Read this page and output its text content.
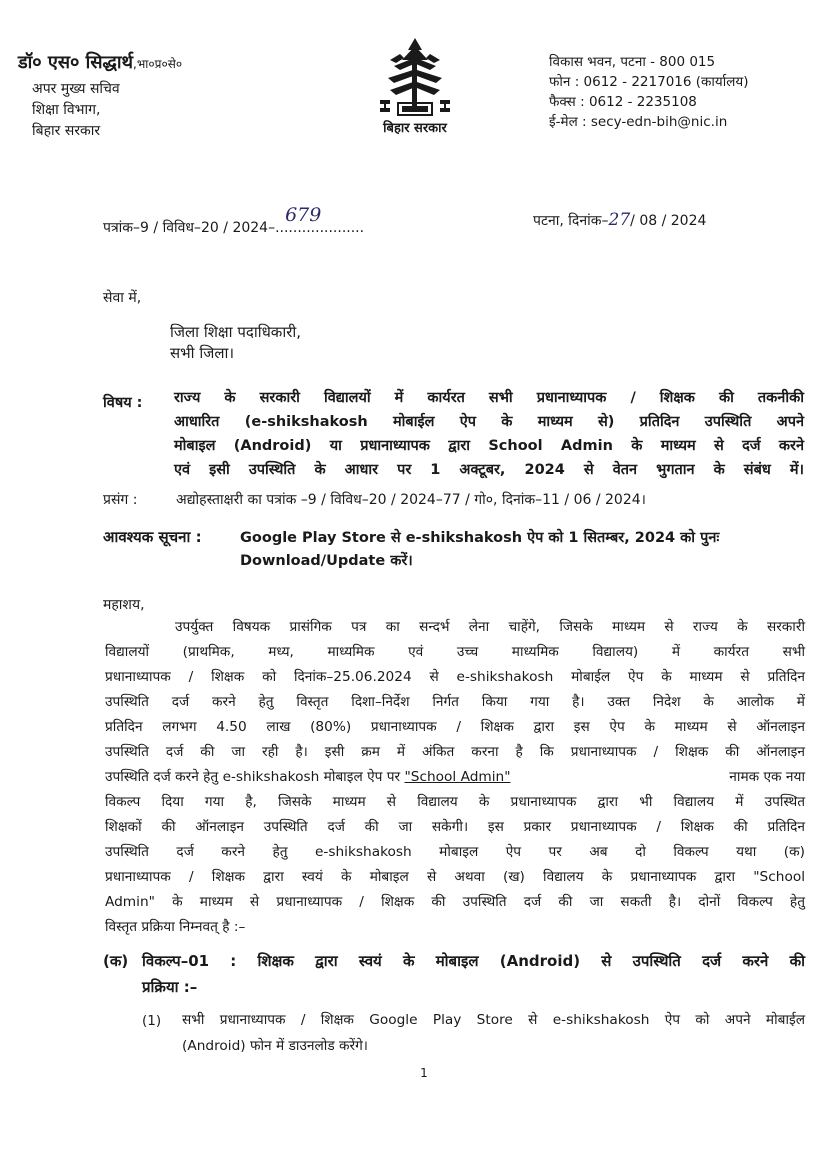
डॉ० एस० सिद्धार्थ,भा०प्र०से०
अपर मुख्य सचिव
शिक्षा विभाग,
बिहार सरकार	बिहार सरकार
विकास भवन, पटना - 800 015
फोन : 0612 - 2217016 (कार्यालय)
फैक्स : 0612 - 2235108
ई-मेल : secy-edn-bih@nic.in
पत्रांक–9 / विविध–20 / 2024–....................
679	पटना, दिनांक–27/ 08 / 2024
सेवा में,
जिला शिक्षा पदाधिकारी,
सभी जिला।
विषय : राज्य के सरकारी विद्यालयों में कार्यरत सभी प्रधानाध्यापक / शिक्षक की तकनीकी
आधारित (e-shikshakosh मोबाईल ऐप के माध्यम से) प्रतिदिन उपस्थिति अपने
मोबाइल (Android) या प्रधानाध्यापक द्वारा School Admin के माध्यम से दर्ज करने
एवं इसी उपस्थिति के आधार पर 1 अक्टूबर, 2024 से वेतन भुगतान के संबंध में।
प्रसंग :	अद्योहस्ताक्षरी का पत्रांक –9 / विविध–20 / 2024–77 / गो०, दिनांक–11 / 06 / 2024।
आवश्यक सूचना :	Google Play Store से e-shikshakosh ऐप को 1 सितम्बर, 2024 को पुनः
Download/Update करें।
महाशय,
उपर्युक्त विषयक प्रासंगिक पत्र का सन्दर्भ लेना चाहेंगे, जिसके माध्यम से राज्य के सरकारी
विद्यालयों (प्राथमिक, मध्य, माध्यमिक एवं उच्च माध्यमिक विद्यालय) में कार्यरत सभी
प्रधानाध्यापक / शिक्षक को दिनांक–25.06.2024 से e-shikshakosh मोबाईल ऐप के माध्यम से प्रतिदिन
उपस्थिति दर्ज करने हेतु विस्तृत दिशा–निर्देश निर्गत किया गया है। उक्त निदेश के आलोक में
प्रतिदिन लगभग 4.50 लाख (80%) प्रधानाध्यापक / शिक्षक द्वारा इस ऐप के माध्यम से ऑनलाइन
उपस्थिति दर्ज की जा रही है। इसी क्रम में अंकित करना है कि प्रधानाध्यापक / शिक्षक की ऑनलाइन
उपस्थिति दर्ज करने हेतु e-shikshakosh मोबाइल ऐप पर "School Admin"	नामक एक नया
विकल्प दिया गया है, जिसके माध्यम से विद्यालय के प्रधानाध्यापक द्वारा भी विद्यालय में उपस्थित
शिक्षकों की ऑनलाइन उपस्थिति दर्ज की जा सकेगी। इस प्रकार प्रधानाध्यापक / शिक्षक की प्रतिदिन
उपस्थिति दर्ज करने हेतु e-shikshakosh मोबाइल ऐप पर अब दो विकल्प यथा (क)
प्रधानाध्यापक / शिक्षक द्वारा स्वयं के मोबाइल से अथवा (ख) विद्यालय के प्रधानाध्यापक द्वारा "School
Admin" के माध्यम से प्रधानाध्यापक / शिक्षक की उपस्थिति दर्ज की जा सकती है। दोनों विकल्प हेतु
विस्तृत प्रक्रिया निम्नवत् है :–
(क) विकल्प–01 : शिक्षक द्वारा स्वयं के मोबाइल (Android) से उपस्थिति दर्ज करने की
प्रक्रिया :–
(1) सभी प्रधानाध्यापक / शिक्षक Google Play Store से e-shikshakosh ऐप को अपने मोबाईल
(Android) फोन में डाउनलोड करेंगे।
1
